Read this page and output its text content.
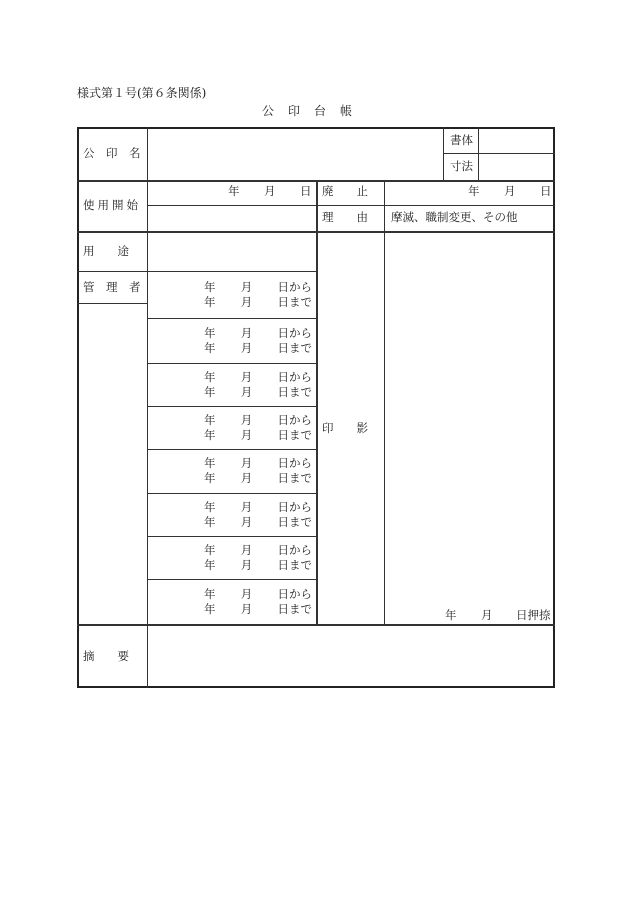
様式第１号(第６条関係)
公　印　台　帳
公　印　名
書体
寸法
使用開始
年 月 日 廃　　止	年 月 日
理　　由 摩滅、職制変更、その他
用　　途
管　理　者	年 月 日から
年 月 日まで
年 月 日から
年 月 日まで
年 月 日から
年 月 日まで
年 月 日から
年 月 日まで
年 月 日から
年 月 日まで
年 月 日から
年 月 日まで
年 月 日から
年 月 日まで
年 月 日から
年 月 日まで
印　　影
年 月 日押捺
摘　　要
